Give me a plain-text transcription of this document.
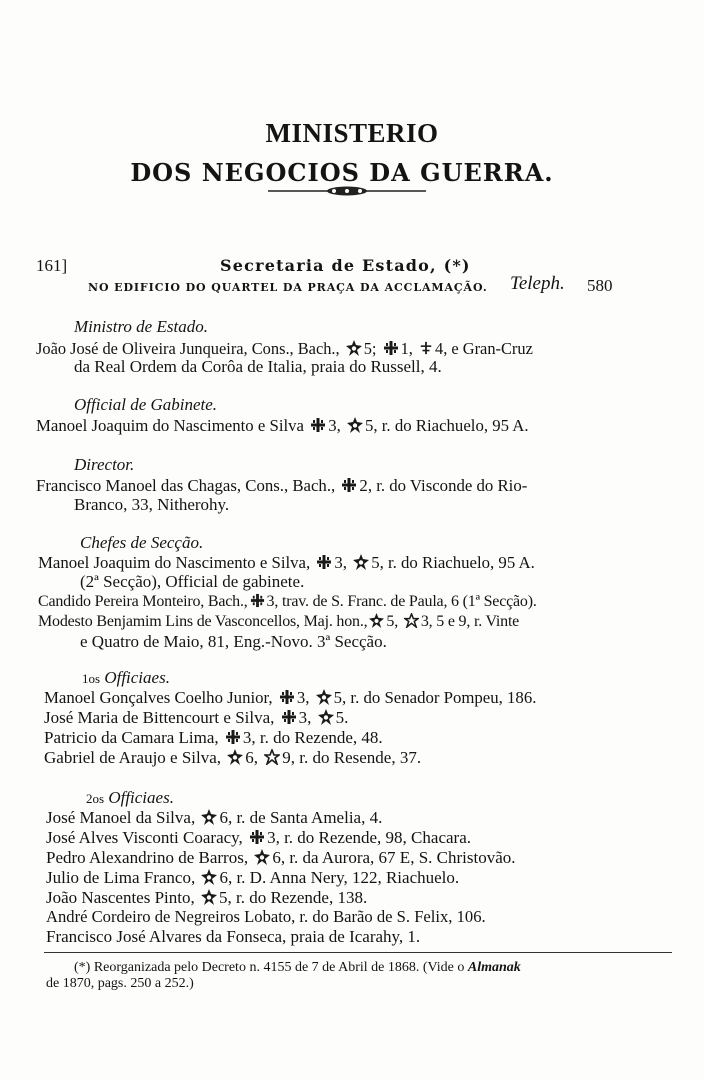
MINISTERIO
DOS NEGOCIOS DA GUERRA.
161]	Secretaria de Estado, (*)
NO EDIFICIO DO QUARTEL DA PRAÇA DA ACCLAMAÇÃO. Teleph. 580
Ministro de Estado.
João José de Oliveira Junqueira, Cons., Bach., 5; 1, 4, e Gran-Cruz
da Real Ordem da Corôa de Italia, praia do Russell, 4.
Official de Gabinete.
Manoel Joaquim do Nascimento e Silva 3, 5, r. do Riachuelo, 95 A.
Director.
Francisco Manoel das Chagas, Cons., Bach., 2, r. do Visconde do Rio-
Branco, 33, Nitherohy.
Chefes de Secção.
Manoel Joaquim do Nascimento e Silva, 3, 5, r. do Riachuelo, 95 A.
(2ª Secção), Official de gabinete.
Candido Pereira Monteiro, Bach., 3, trav. de S. Franc. de Paula, 6 (1ª Secção).
Modesto Benjamim Lins de Vasconcellos, Maj. hon., 5, 3, 5 e 9, r. Vinte
e Quatro de Maio, 81, Eng.-Novo. 3ª Secção.
1os Officiaes.
Manoel Gonçalves Coelho Junior, 3, 5, r. do Senador Pompeu, 186.
José Maria de Bittencourt e Silva, 3, 5.
Patricio da Camara Lima, 3, r. do Rezende, 48.
Gabriel de Araujo e Silva, 6, 9, r. do Resende, 37.
2os Officiaes.
José Manoel da Silva, 6, r. de Santa Amelia, 4.
José Alves Visconti Coaracy, 3, r. do Rezende, 98, Chacara.
Pedro Alexandrino de Barros, 6, r. da Aurora, 67 E, S. Christovão.
Julio de Lima Franco, 6, r. D. Anna Nery, 122, Riachuelo.
João Nascentes Pinto, 5, r. do Rezende, 138.
André Cordeiro de Negreiros Lobato, r. do Barão de S. Felix, 106.
Francisco José Alvares da Fonseca, praia de Icarahy, 1.
(*) Reorganizada pelo Decreto n. 4155 de 7 de Abril de 1868. (Vide o Almanak
de 1870, pags. 250 a 252.)
